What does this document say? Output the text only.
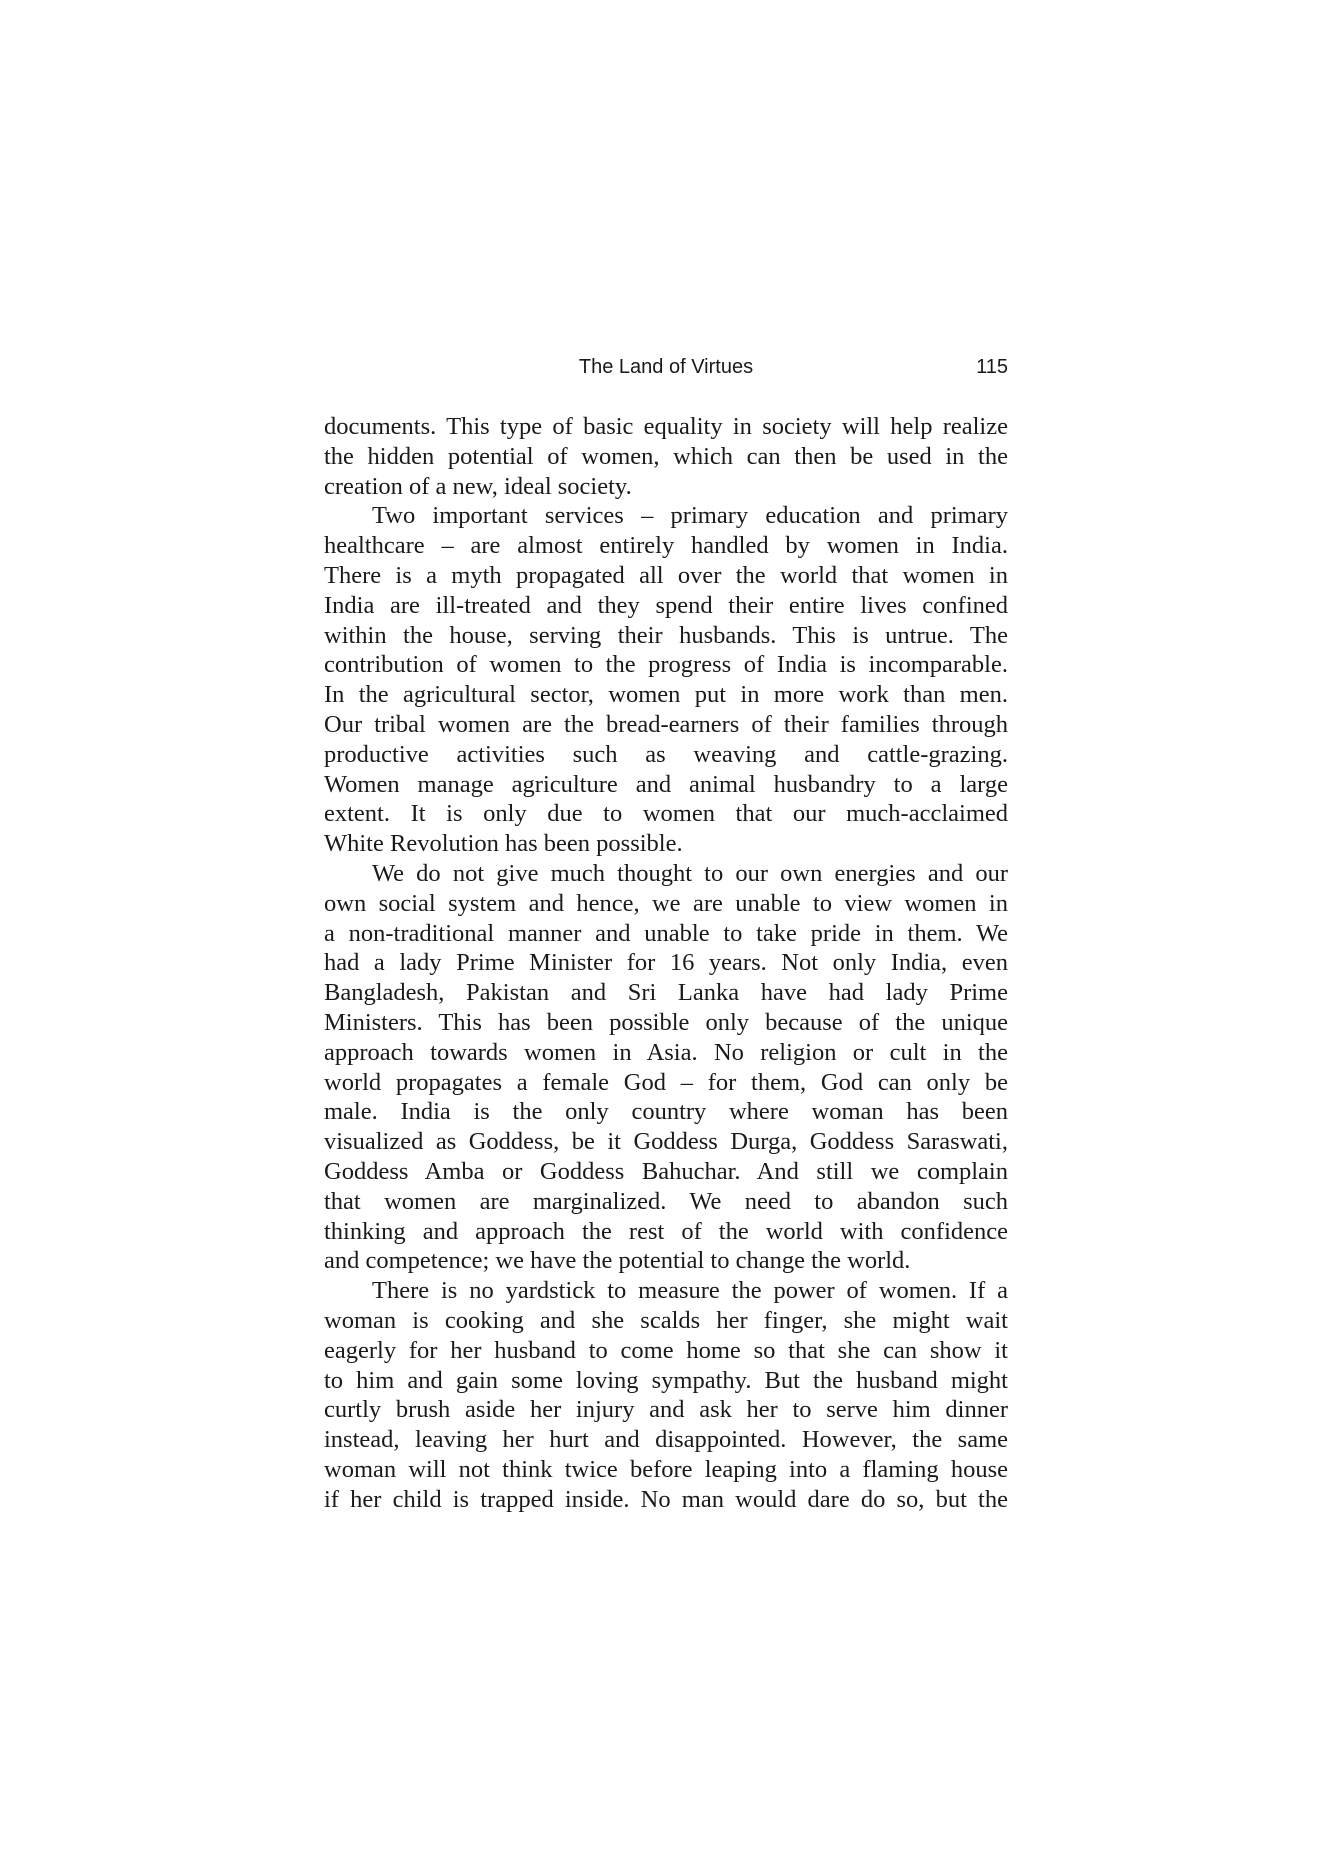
The Land of Virtues	115
documents. This type of basic equality in society will help realize
the hidden potential of women, which can then be used in the
creation of a new, ideal society.
Two important services – primary education and primary
healthcare – are almost entirely handled by women in India.
There is a myth propagated all over the world that women in
India are ill-treated and they spend their entire lives confined
within the house, serving their husbands. This is untrue. The
contribution of women to the progress of India is incomparable.
In the agricultural sector, women put in more work than men.
Our tribal women are the bread-earners of their families through
productive activities such as weaving and cattle-grazing.
Women manage agriculture and animal husbandry to a large
extent. It is only due to women that our much-acclaimed
White Revolution has been possible.
We do not give much thought to our own energies and our
own social system and hence, we are unable to view women in
a non-traditional manner and unable to take pride in them. We
had a lady Prime Minister for 16 years. Not only India, even
Bangladesh, Pakistan and Sri Lanka have had lady Prime
Ministers. This has been possible only because of the unique
approach towards women in Asia. No religion or cult in the
world propagates a female God – for them, God can only be
male. India is the only country where woman has been
visualized as Goddess, be it Goddess Durga, Goddess Saraswati,
Goddess Amba or Goddess Bahuchar. And still we complain
that women are marginalized. We need to abandon such
thinking and approach the rest of the world with confidence
and competence; we have the potential to change the world.
There is no yardstick to measure the power of women. If a
woman is cooking and she scalds her finger, she might wait
eagerly for her husband to come home so that she can show it
to him and gain some loving sympathy. But the husband might
curtly brush aside her injury and ask her to serve him dinner
instead, leaving her hurt and disappointed. However, the same
woman will not think twice before leaping into a flaming house
if her child is trapped inside. No man would dare do so, but the
